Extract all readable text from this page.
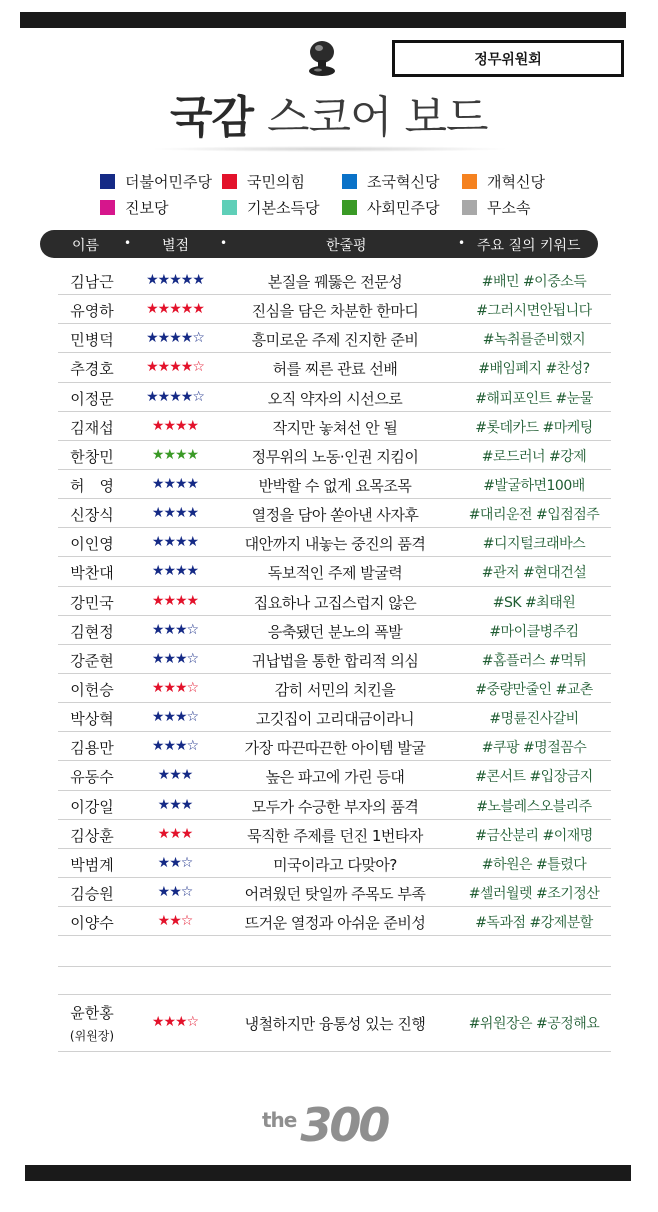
정무위원회
국감 스코어 보드
더불어민주당 국민의힘	조국혁신당	개혁신당
진보당	기본소득당	사회민주당	무소속
이름 • 별점	•	한줄평	• 주요 질의 키워드
김남근	★★★★★	본질을 꿰뚫은 전문성	#배민 #이중소득
유영하	★★★★★	진심을 담은 차분한 한마디	#그러시면안됩니다
민병덕	★★★★☆	흥미로운 주제 진지한 준비	#녹취를준비했지
추경호	★★★★☆	허를 찌른 관료 선배	#배임폐지 #찬성?
이정문	★★★★☆	오직 약자의 시선으로	#해피포인트 #눈물
김재섭	★★★★	작지만 놓쳐선 안 될	#롯데카드 #마케팅
한창민	★★★★	정무위의 노동·인권 지킴이	#로드러너 #강제
허　영	★★★★	반박할 수 없게 요목조목	#발굴하면100배
신장식	★★★★	열정을 담아 쏟아낸 사자후	#대리운전 #입점점주
이인영	★★★★	대안까지 내놓는 중진의 품격	#디지털크래바스
박찬대	★★★★	독보적인 주제 발굴력	#관저 #현대건설
강민국	★★★★	집요하나 고집스럽지 않은	#SK #최태원
김현정	★★★☆	응축됐던 분노의 폭발	#마이클병주킴
강준현	★★★☆	귀납법을 통한 합리적 의심	#홈플러스 #먹튀
이헌승	★★★☆	감히 서민의 치킨을	#중량만줄인 #교촌
박상혁	★★★☆	고깃집이 고리대금이라니	#명륜진사갈비
김용만	★★★☆	가장 따끈따끈한 아이템 발굴	#쿠팡 #명절꼼수
유동수	★★★	높은 파고에 가린 등대	#콘서트 #입장금지
이강일	★★★	모두가 수긍한 부자의 품격	#노블레스오블리주
김상훈	★★★	묵직한 주제를 던진 1번타자	#금산분리 #이재명
박범계	★★☆	미국이라고 다맞아?	#하원은 #틀렸다
김승원	★★☆	어려웠던 탓일까 주목도 부족	#셀러월렛 #조기정산
이양수	★★☆	뜨거운 열정과 아쉬운 준비성	#독과점 #강제분할
윤한홍
(위원장)
★★★☆	냉철하지만 융통성 있는 진행	#위원장은 #공정해요
the 300
